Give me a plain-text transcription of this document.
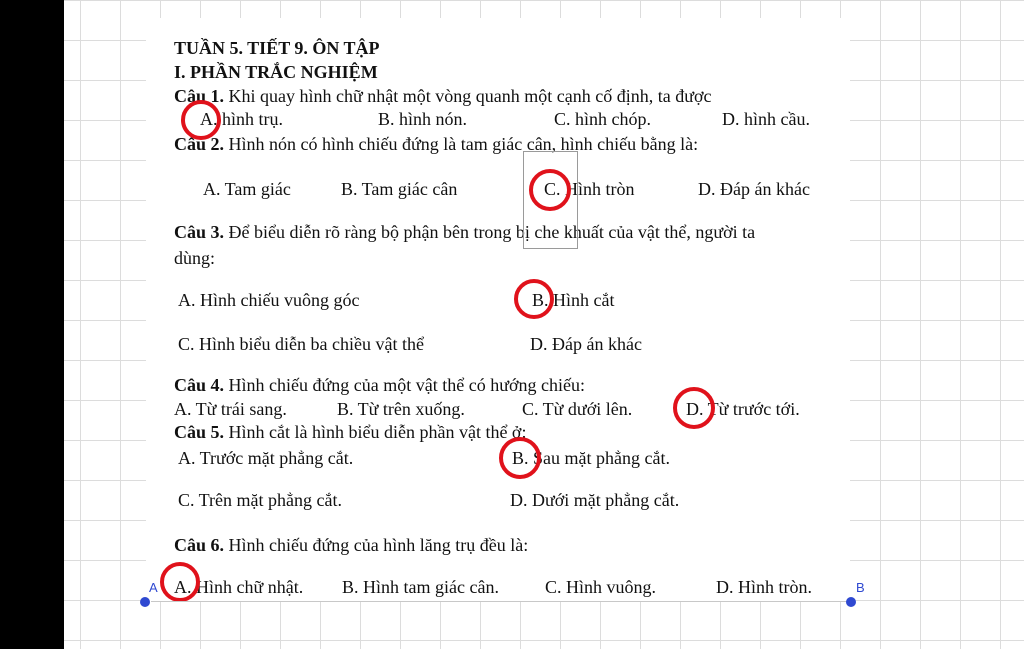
TUẦN 5. TIẾT 9. ÔN TẬP
I. PHẦN TRẮC NGHIỆM
Câu 1. Khi quay hình chữ nhật một vòng quanh một cạnh cố định, ta được
A. hình trụ.	B. hình nón.	C. hình chóp.	D. hình cầu.
Câu 2. Hình nón có hình chiếu đứng là tam giác cân, hình chiếu bằng là:
A. Tam giác	B. Tam giác cân	C. Hình tròn	D. Đáp án khác
Câu 3. Để biểu diễn rõ ràng bộ phận bên trong bị che khuất của vật thể, người ta
dùng:
A. Hình chiếu vuông góc	B. Hình cắt
C. Hình biểu diễn ba chiều vật thể	D. Đáp án khác
Câu 4. Hình chiếu đứng của một vật thể có hướng chiếu:
A. Từ trái sang.	B. Từ trên xuống.	C. Từ dưới lên.	D. Từ trước tới.
Câu 5. Hình cắt là hình biểu diễn phần vật thể ở:
A. Trước mặt phẳng cắt.	B. Sau mặt phẳng cắt.
C. Trên mặt phẳng cắt.	D. Dưới mặt phẳng cắt.
Câu 6. Hình chiếu đứng của hình lăng trụ đều là:
A. Hình chữ nhật. B. Hình tam giác cân.	C. Hình vuông.	D. Hình tròn.
A	B
